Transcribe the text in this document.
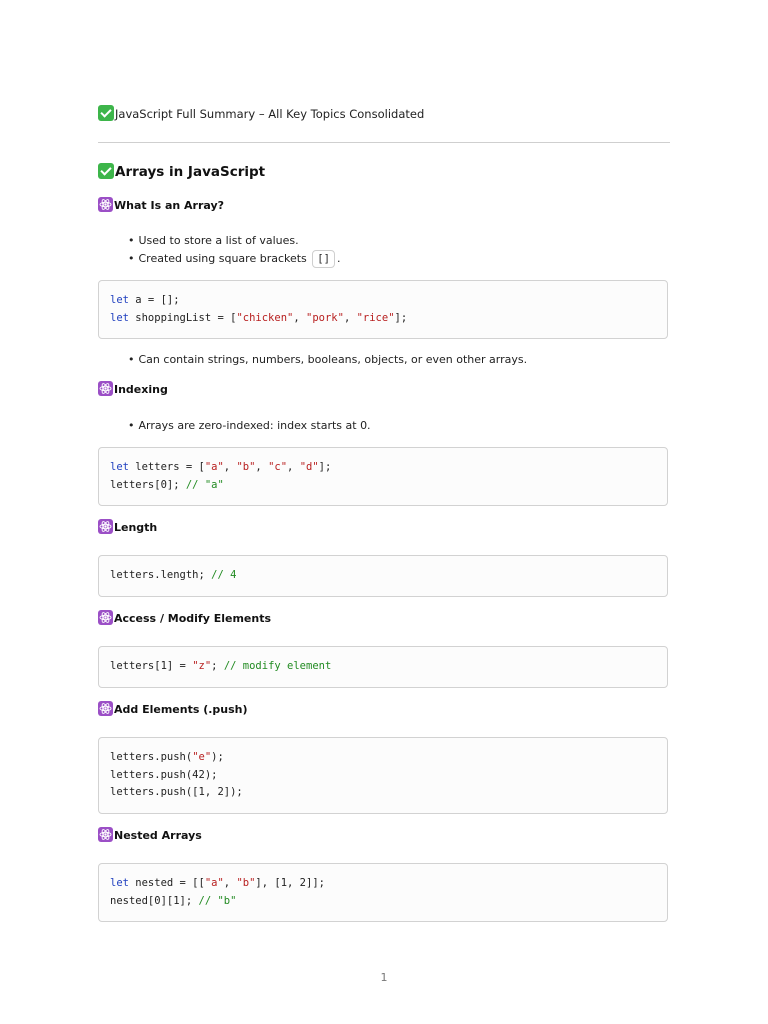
JavaScript Full Summary – All Key Topics Consolidated
Arrays in JavaScript
What Is an Array?
• Used to store a list of values.
• Created using square brackets [] .
let a = [];
let shoppingList = ["chicken", "pork", "rice"];
• Can contain strings, numbers, booleans, objects, or even other arrays.
Indexing
• Arrays are zero-indexed: index starts at 0.
let letters = ["a", "b", "c", "d"];
letters[0]; // "a"
Length
letters.length; // 4
Access / Modify Elements
letters[1] = "z"; // modify element
Add Elements (.push)
letters.push("e");
letters.push(42);
letters.push([1, 2]);
Nested Arrays
let nested = [["a", "b"], [1, 2]];
nested[0][1]; // "b"
1
